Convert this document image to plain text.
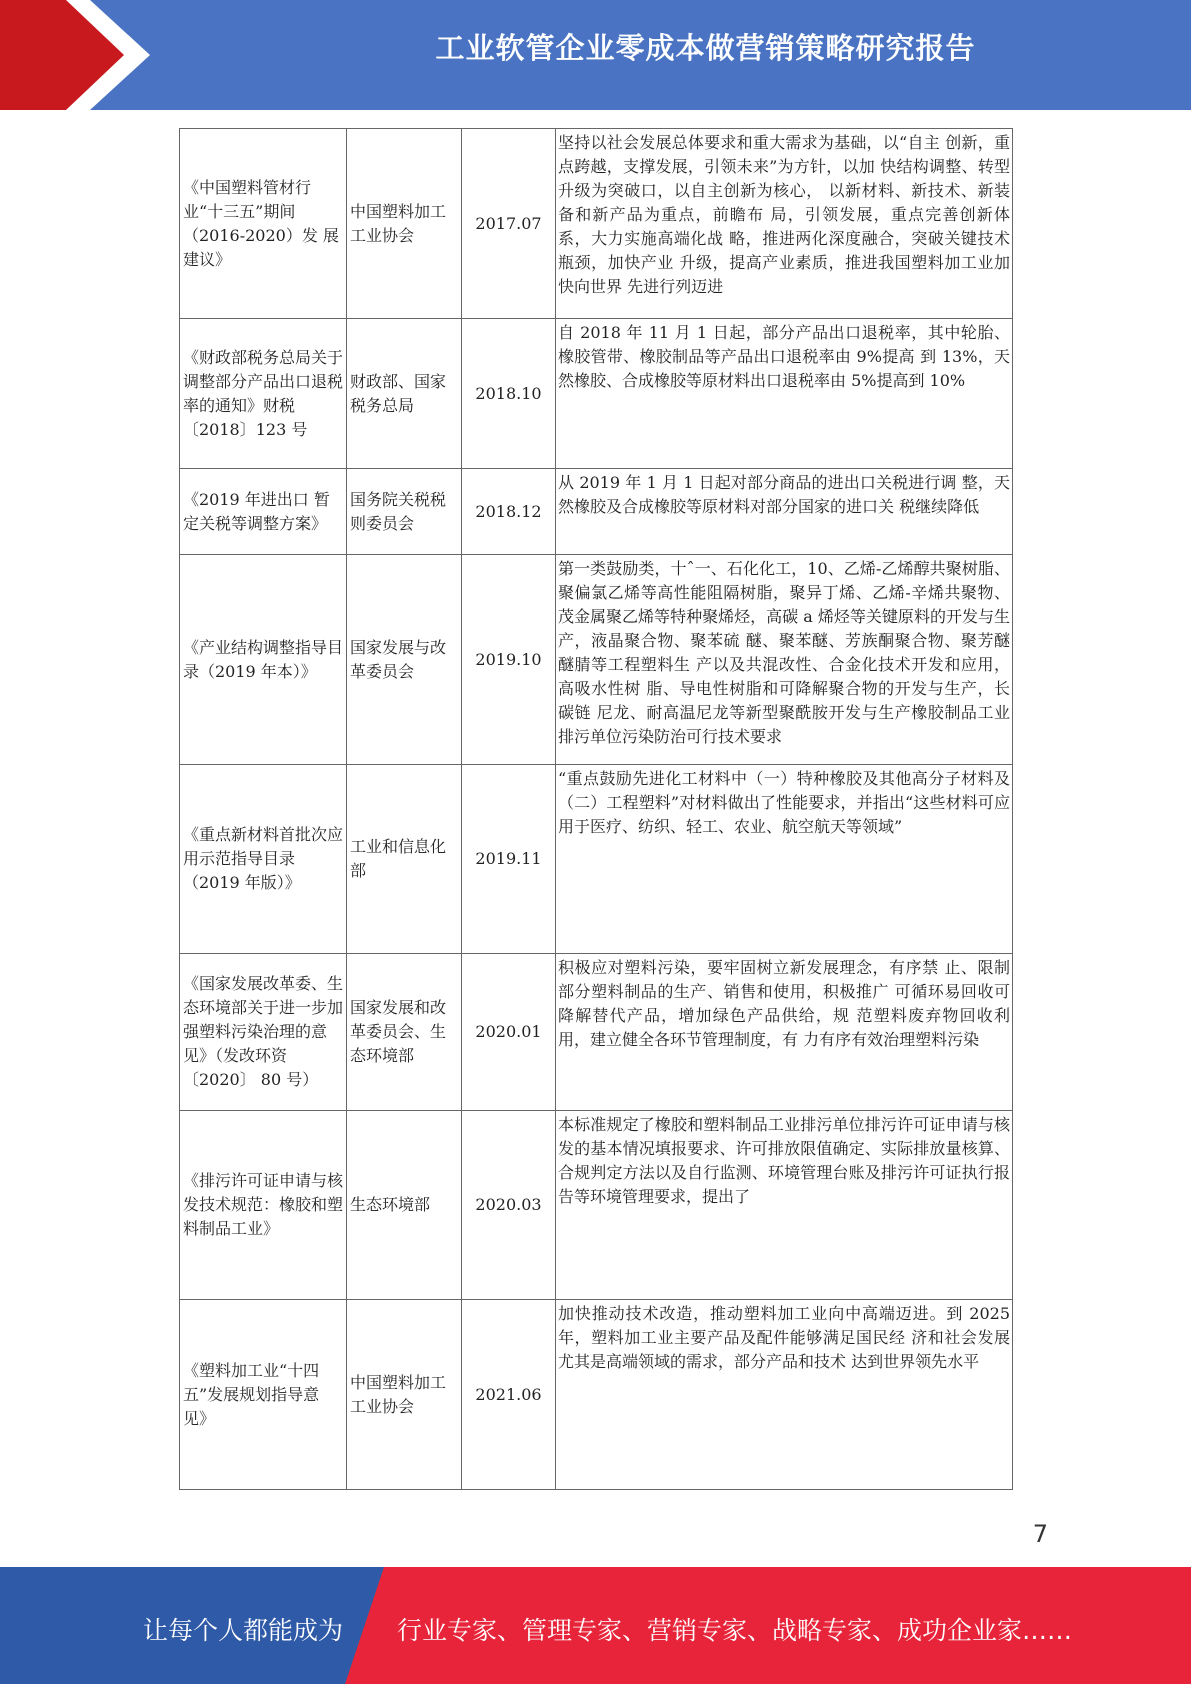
工业软管企业零成本做营销策略研究报告
《中国塑料管材行业“十三五”期间（2016-2020）发 展建议》	中国塑料加工工业协会	2017.07	坚持以社会发展总体要求和重大需求为基础，以“自主 创新，重点跨越，支撑发展，引领未来”为方针，以加 快结构调整、转型升级为突破口，以自主创新为核心， 以新材料、新技术、新装备和新产品为重点，前瞻布 局，引领发展，重点完善创新体系，大力实施高端化战 略，推进两化深度融合，突破关键技术瓶颈，加快产业 升级，提高产业素质，推进我国塑料加工业加快向世界 先进行列迈进
《财政部税务总局关于调整部分产品出口退税率的通知》财税〔2018〕123 号	财政部、国家税务总局	2018.10	自 2018 年 11 月 1 日起，部分产品出口退税率，其中轮胎、橡胶管带、橡胶制品等产品出口退税率由 9%提高 到 13%，天然橡胶、合成橡胶等原材料出口退税率由 5%提高到 10%
《2019 年进出口 暂定关税等调整方案》	国务院关税税则委员会	2018.12	从 2019 年 1 月 1 日起对部分商品的进出口关税进行调 整，天然橡胶及合成橡胶等原材料对部分国家的进口关 税继续降低
《产业结构调整指导目录（2019 年本）》	国家发展与改革委员会	2019.10	第一类鼓励类，十ˆ一、石化化工，10、乙烯-乙烯醇共聚树脂、聚偏氯乙烯等高性能阻隔树脂，聚异丁烯、乙烯-辛烯共聚物、茂金属聚乙烯等特种聚烯烃，高碳 a 烯烃等关键原料的开发与生产，液晶聚合物、聚苯硫 醚、聚苯醚、芳族酮聚合物、聚芳醚醚腈等工程塑料生 产以及共混改性、合金化技术开发和应用，高吸水性树 脂、导电性树脂和可降解聚合物的开发与生产，长碳链 尼龙、耐高温尼龙等新型聚酰胺开发与生产橡胶制品工业排污单位污染防治可行技术要求
《重点新材料首批次应用示范指导目录（2019 年版）》	工业和信息化部	2019.11	“重点鼓励先进化工材料中（一）特种橡胶及其他高分子材料及（二）工程塑料”对材料做出了性能要求，并指出“这些材料可应用于医疗、纺织、轻工、农业、航空航天等领域”
《国家发展改革委、生态环境部关于进一步加强塑料污染治理的意见》（发改环资〔2020〕 80 号）	国家发展和改革委员会、生态环境部	2020.01	积极应对塑料污染，要牢固树立新发展理念，有序禁 止、限制部分塑料制品的生产、销售和使用，积极推广 可循环易回收可降解替代产品，增加绿色产品供给，规 范塑料废弃物回收利用，建立健全各环节管理制度，有 力有序有效治理塑料污染
《排污许可证申请与核发技术规范：橡胶和塑料制品工业》	生态环境部	2020.03	本标准规定了橡胶和塑料制品工业排污单位排污许可证申请与核发的基本情况填报要求、许可排放限值确定、实际排放量核算、合规判定方法以及自行监测、环境管理台账及排污许可证执行报告等环境管理要求，提出了
《塑料加工业“十四五”发展规划指导意见》	中国塑料加工工业协会	2021.06	加快推动技术改造，推动塑料加工业向中高端迈进。到 2025 年，塑料加工业主要产品及配件能够满足国民经 济和社会发展尤其是高端领域的需求，部分产品和技术 达到世界领先水平
7
让每个人都能成为 行业专家、管理专家、营销专家、战略专家、成功企业家……
